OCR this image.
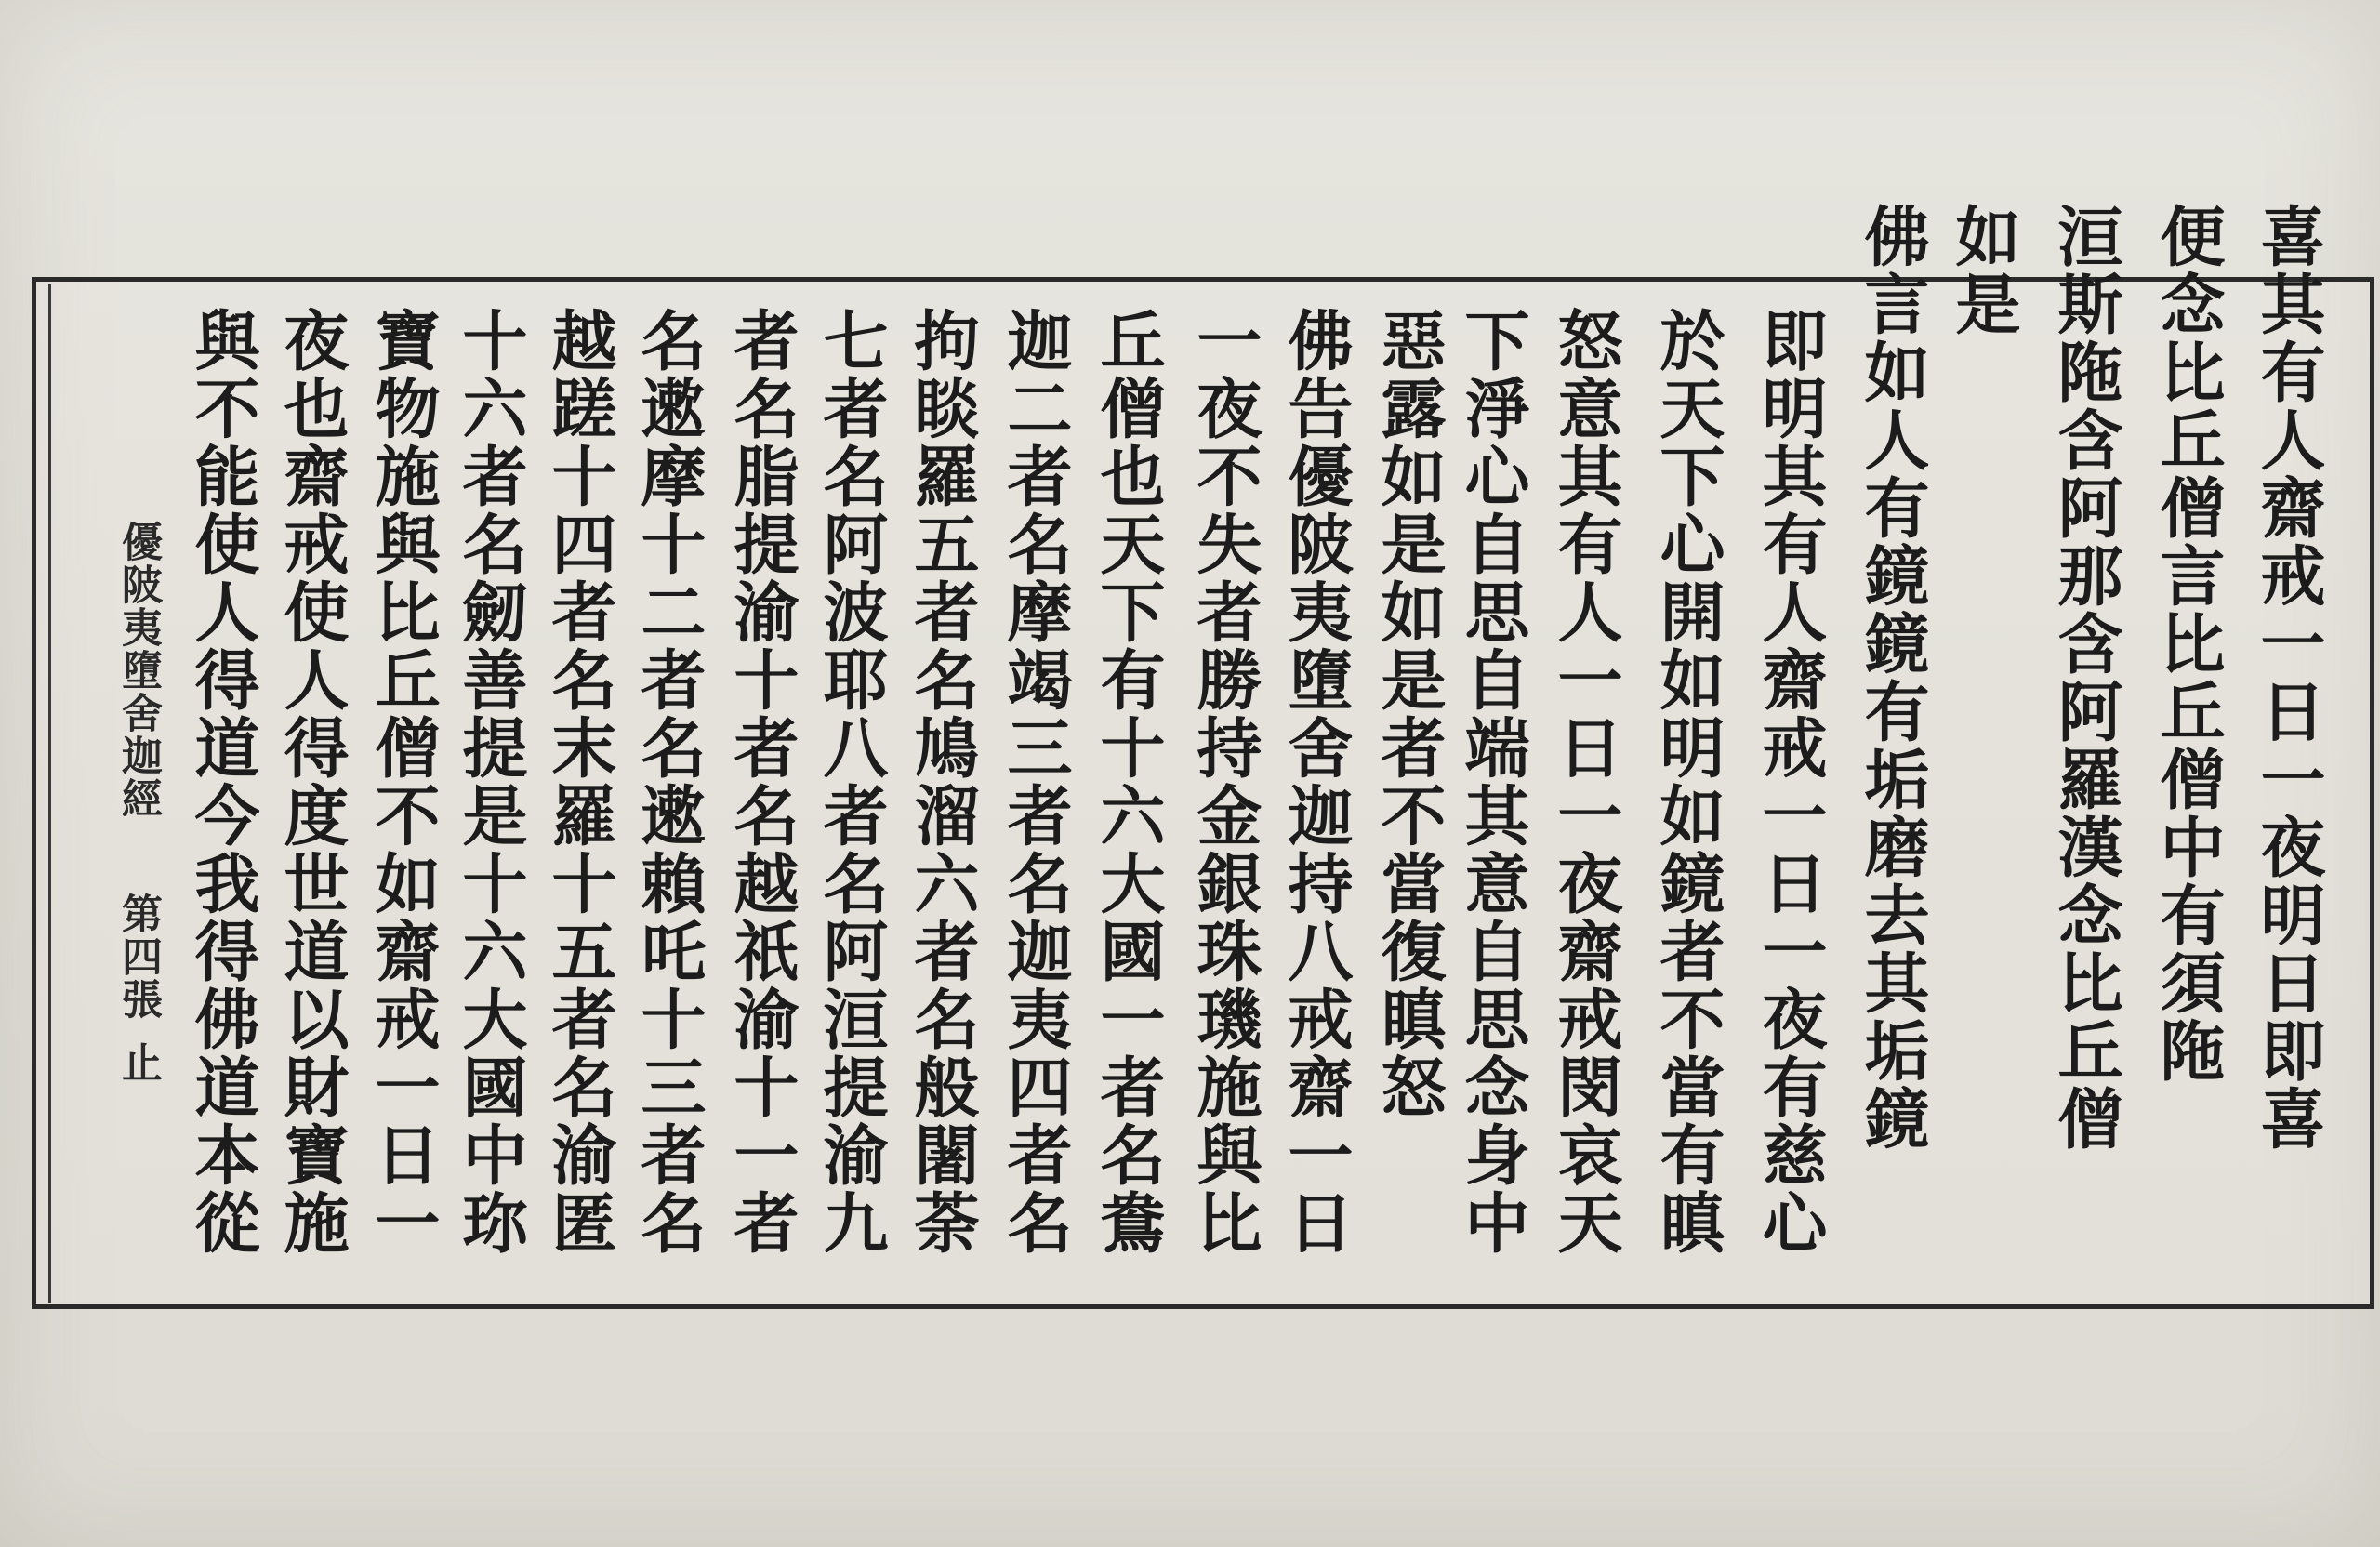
喜其有人齋戒一日一夜明日即喜
便念比丘僧言比丘僧中有須陁
洹斯陁含阿那含阿羅漢念比丘僧
如是
佛言如人有鏡鏡有垢磨去其垢鏡
即明其有人齋戒一日一夜有慈心
於天下心開如明如鏡者不當有瞋
怒意其有人一日一夜齋戒閔哀天
下淨心自思自端其意自思念身中
惡露如是如是者不當復瞋怒
佛告優陂夷墮舍迦持八戒齋一日
一夜不失者勝持金銀珠璣施與比
丘僧也天下有十六大國一者名鴦
迦二者名摩竭三者名迦夷四者名
拘睒羅五者名鳩溜六者名般闍荼
七者名阿波耶八者名阿洹提渝九
者名脂提渝十者名越祇渝十一者
名遬摩十二者名遬賴吒十三者名
越蹉十四者名末羅十五者名渝匿
十六者名劒善提是十六大國中珎
寶物施與比丘僧不如齋戒一日一
夜也齋戒使人得度世道以財寶施
與不能使人得道今我得佛道本從
優陂夷墮舍迦經
第四張
止
